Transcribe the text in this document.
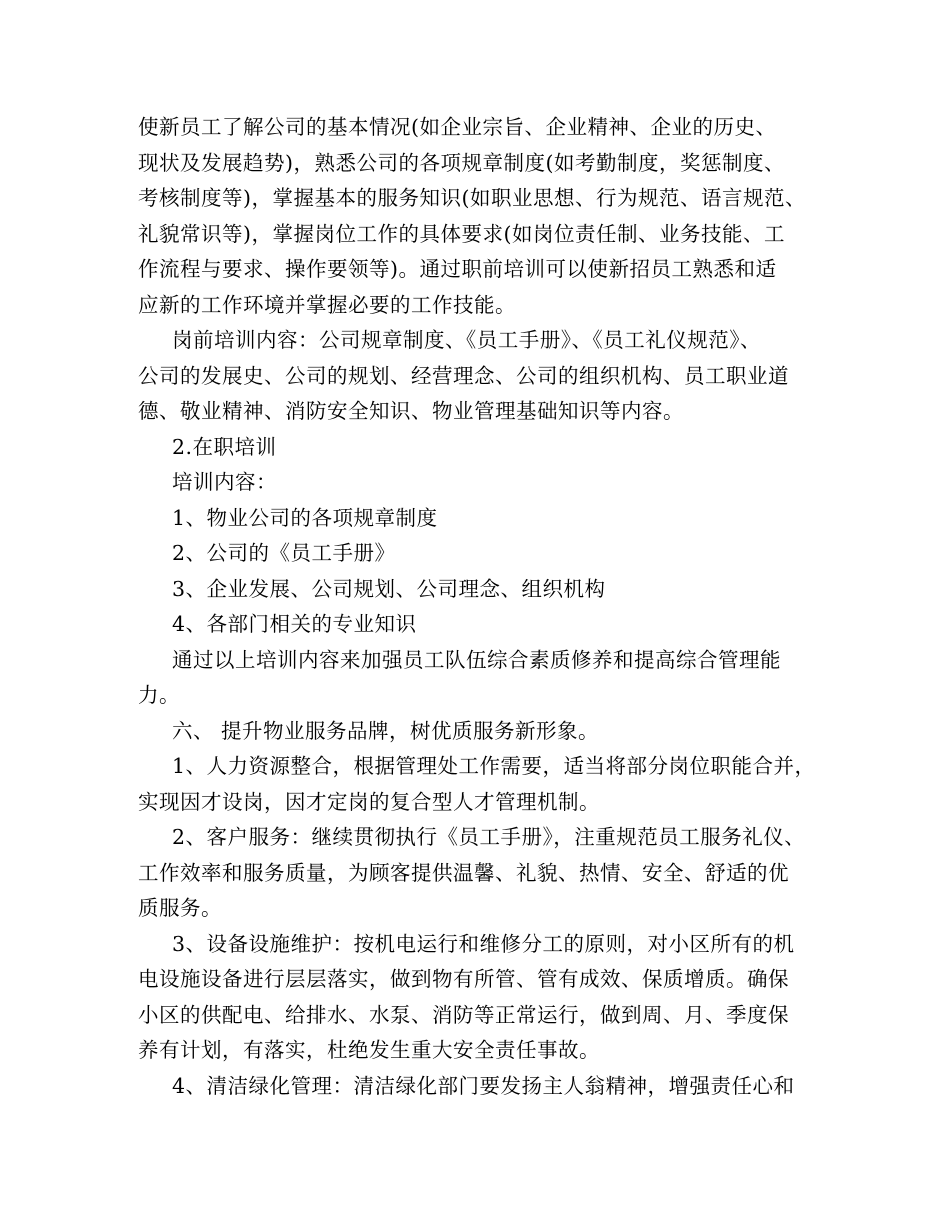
使新员工了解公司的基本情况(如企业宗旨、企业精神、企业的历史、
现状及发展趋势)，熟悉公司的各项规章制度(如考勤制度，奖惩制度、
考核制度等)，掌握基本的服务知识(如职业思想、行为规范、语言规范、
礼貌常识等)，掌握岗位工作的具体要求(如岗位责任制、业务技能、工
作流程与要求、操作要领等)。通过职前培训可以使新招员工熟悉和适
应新的工作环境并掌握必要的工作技能。
岗前培训内容：公司规章制度、《员工手册》、《员工礼仪规范》、
公司的发展史、公司的规划、经营理念、公司的组织机构、员工职业道
德、敬业精神、消防安全知识、物业管理基础知识等内容。
2.在职培训
培训内容：
1、物业公司的各项规章制度
2、公司的《员工手册》
3、企业发展、公司规划、公司理念、组织机构
4、各部门相关的专业知识
通过以上培训内容来加强员工队伍综合素质修养和提高综合管理能
力。
六、 提升物业服务品牌，树优质服务新形象。
1、人力资源整合，根据管理处工作需要，适当将部分岗位职能合并，
实现因才设岗，因才定岗的复合型人才管理机制。
2、客户服务：继续贯彻执行《员工手册》，注重规范员工服务礼仪、
工作效率和服务质量，为顾客提供温馨、礼貌、热情、安全、舒适的优
质服务。
3、设备设施维护：按机电运行和维修分工的原则，对小区所有的机
电设施设备进行层层落实，做到物有所管、管有成效、保质增质。确保
小区的供配电、给排水、水泵、消防等正常运行，做到周、月、季度保
养有计划，有落实，杜绝发生重大安全责任事故。
4、清洁绿化管理：清洁绿化部门要发扬主人翁精神，增强责任心和
